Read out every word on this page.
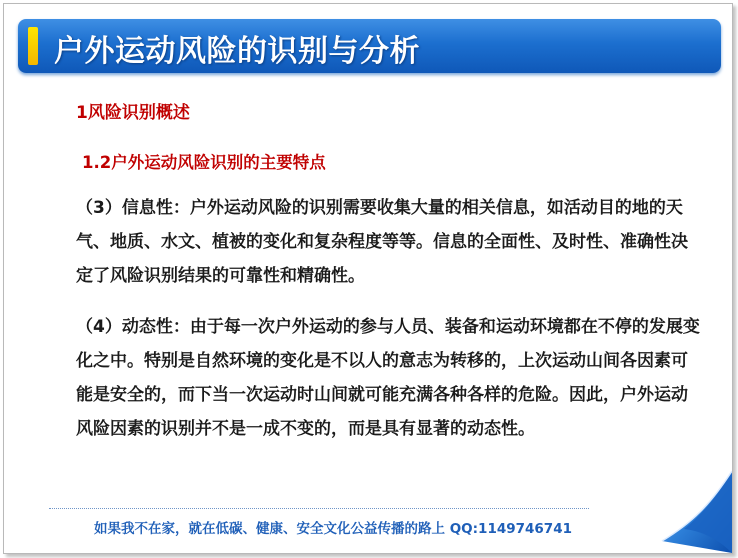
户外运动风险的识别与分析
1风险识别概述
1.2户外运动风险识别的主要特点
（3）信息性：户外运动风险的识别需要收集大量的相关信息，如活动目的地的天气、地质、水文、植被的变化和复杂程度等等。信息的全面性、及时性、准确性决定了风险识别结果的可靠性和精确性。
（4）动态性：由于每一次户外运动的参与人员、装备和运动环境都在不停的发展变化之中。特别是自然环境的变化是不以人的意志为转移的，上次运动山间各因素可能是安全的，而下当一次运动时山间就可能充满各种各样的危险。因此，户外运动风险因素的识别并不是一成不变的，而是具有显著的动态性。
如果我不在家，就在低碳、健康、安全文化公益传播的路上 QQ:1149746741
